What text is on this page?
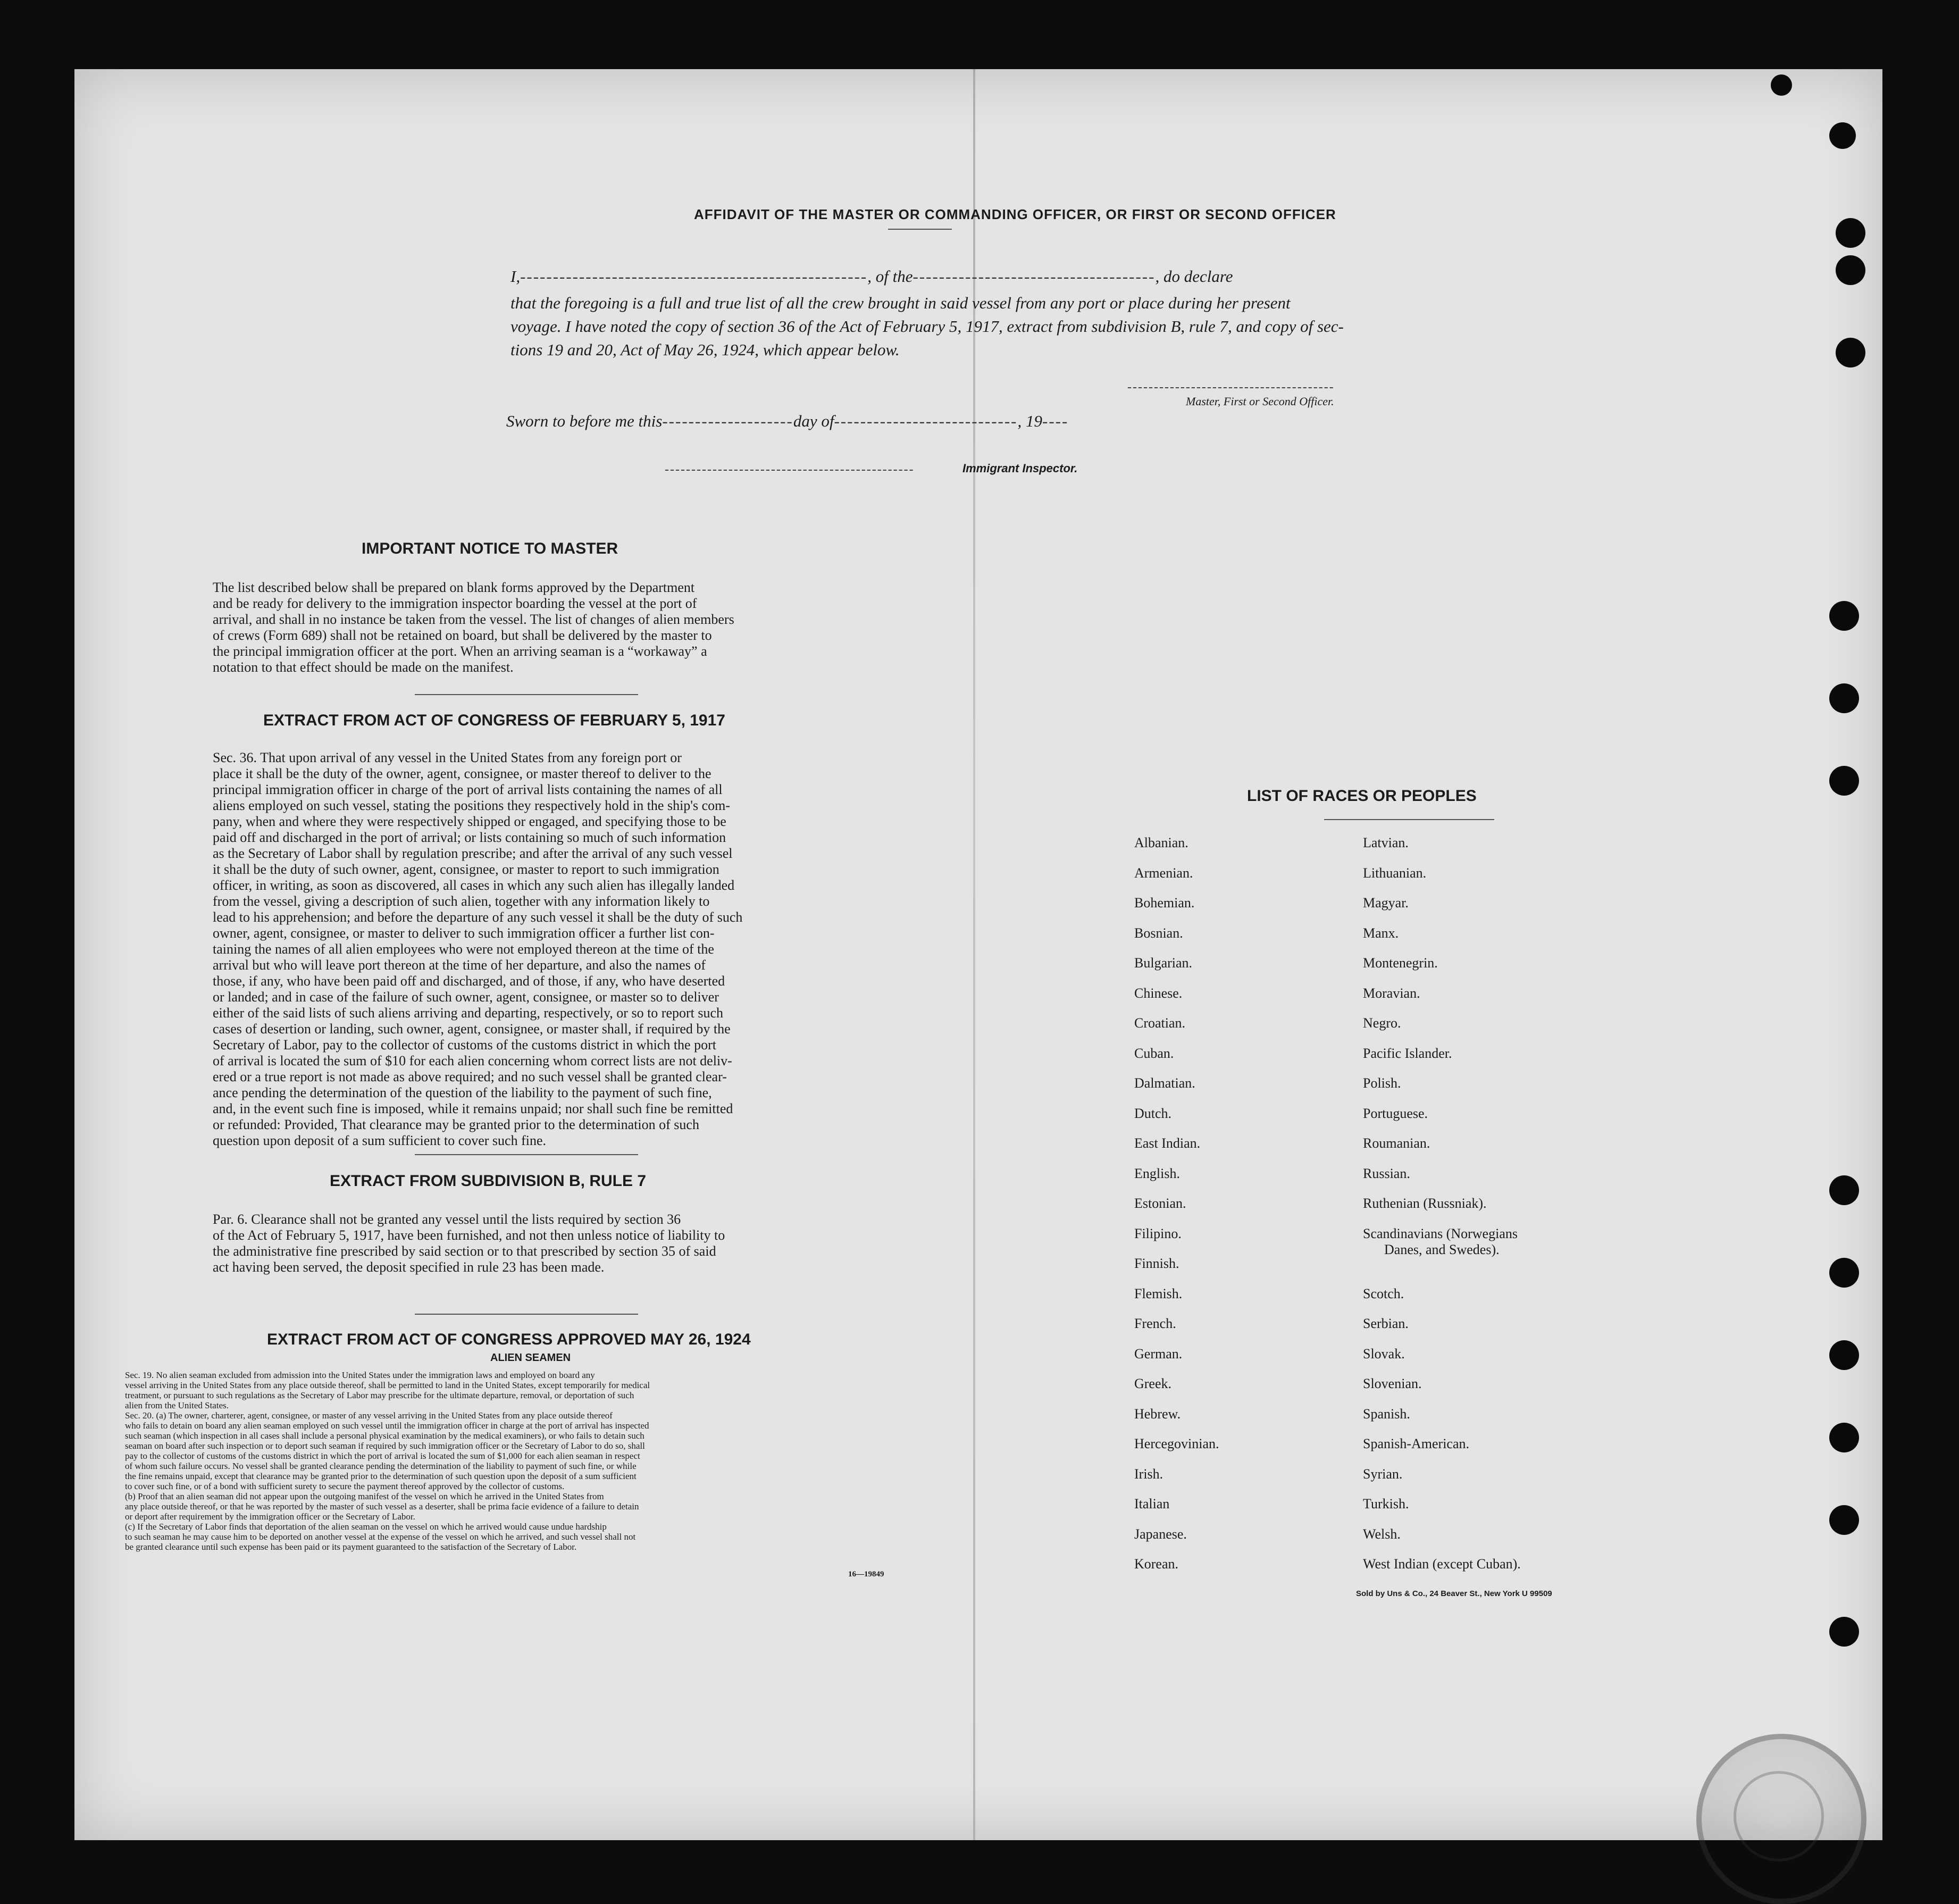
AFFIDAVIT OF THE MASTER OR COMMANDING OFFICER, OR FIRST OR SECOND OFFICER
I,-----------------------------------------------------, of the-------------------------------------, do declare
that the foregoing is a full and true list of all the crew brought in said vessel from any port or place during her present
voyage. I have noted the copy of section 36 of the Act of February 5, 1917, extract from subdivision B, rule 7, and copy of sec-
tions 19 and 20, Act of May 26, 1924, which appear below.
---------------------------------------
Master, First or Second Officer.
Sworn to before me this--------------------day of----------------------------, 19----
-----------------------------------------------	Immigrant Inspector.
IMPORTANT NOTICE TO MASTER
The list described below shall be prepared on blank forms approved by the Department
and be ready for delivery to the immigration inspector boarding the vessel at the port of
arrival, and shall in no instance be taken from the vessel. The list of changes of alien members
of crews (Form 689) shall not be retained on board, but shall be delivered by the master to
the principal immigration officer at the port. When an arriving seaman is a “workaway” a
notation to that effect should be made on the manifest.
EXTRACT FROM ACT OF CONGRESS OF FEBRUARY 5, 1917
Sec. 36. That upon arrival of any vessel in the United States from any foreign port or
place it shall be the duty of the owner, agent, consignee, or master thereof to deliver to the
principal immigration officer in charge of the port of arrival lists containing the names of all
aliens employed on such vessel, stating the positions they respectively hold in the ship's com-
pany, when and where they were respectively shipped or engaged, and specifying those to be
paid off and discharged in the port of arrival; or lists containing so much of such information
as the Secretary of Labor shall by regulation prescribe; and after the arrival of any such vessel
it shall be the duty of such owner, agent, consignee, or master to report to such immigration
officer, in writing, as soon as discovered, all cases in which any such alien has illegally landed
from the vessel, giving a description of such alien, together with any information likely to
lead to his apprehension; and before the departure of any such vessel it shall be the duty of such
owner, agent, consignee, or master to deliver to such immigration officer a further list con-
taining the names of all alien employees who were not employed thereon at the time of the
arrival but who will leave port thereon at the time of her departure, and also the names of
those, if any, who have been paid off and discharged, and of those, if any, who have deserted
or landed; and in case of the failure of such owner, agent, consignee, or master so to deliver
either of the said lists of such aliens arriving and departing, respectively, or so to report such
cases of desertion or landing, such owner, agent, consignee, or master shall, if required by the
Secretary of Labor, pay to the collector of customs of the customs district in which the port
of arrival is located the sum of $10 for each alien concerning whom correct lists are not deliv-
ered or a true report is not made as above required; and no such vessel shall be granted clear-
ance pending the determination of the question of the liability to the payment of such fine,
and, in the event such fine is imposed, while it remains unpaid; nor shall such fine be remitted
or refunded: Provided, That clearance may be granted prior to the determination of such
question upon deposit of a sum sufficient to cover such fine.
EXTRACT FROM SUBDIVISION B, RULE 7
Par. 6. Clearance shall not be granted any vessel until the lists required by section 36
of the Act of February 5, 1917, have been furnished, and not then unless notice of liability to
the administrative fine prescribed by said section or to that prescribed by section 35 of said
act having been served, the deposit specified in rule 23 has been made.
EXTRACT FROM ACT OF CONGRESS APPROVED MAY 26, 1924
ALIEN SEAMEN
Sec. 19. No alien seaman excluded from admission into the United States under the immigration laws and employed on board any
vessel arriving in the United States from any place outside thereof, shall be permitted to land in the United States, except temporarily for medical
treatment, or pursuant to such regulations as the Secretary of Labor may prescribe for the ultimate departure, removal, or deportation of such
alien from the United States.
Sec. 20. (a) The owner, charterer, agent, consignee, or master of any vessel arriving in the United States from any place outside thereof
who fails to detain on board any alien seaman employed on such vessel until the immigration officer in charge at the port of arrival has inspected
such seaman (which inspection in all cases shall include a personal physical examination by the medical examiners), or who fails to detain such
seaman on board after such inspection or to deport such seaman if required by such immigration officer or the Secretary of Labor to do so, shall
pay to the collector of customs of the customs district in which the port of arrival is located the sum of $1,000 for each alien seaman in respect
of whom such failure occurs. No vessel shall be granted clearance pending the determination of the liability to payment of such fine, or while
the fine remains unpaid, except that clearance may be granted prior to the determination of such question upon the deposit of a sum sufficient
to cover such fine, or of a bond with sufficient surety to secure the payment thereof approved by the collector of customs.
(b) Proof that an alien seaman did not appear upon the outgoing manifest of the vessel on which he arrived in the United States from
any place outside thereof, or that he was reported by the master of such vessel as a deserter, shall be prima facie evidence of a failure to detain
or deport after requirement by the immigration officer or the Secretary of Labor.
(c) If the Secretary of Labor finds that deportation of the alien seaman on the vessel on which he arrived would cause undue hardship
to such seaman he may cause him to be deported on another vessel at the expense of the vessel on which he arrived, and such vessel shall not
be granted clearance until such expense has been paid or its payment guaranteed to the satisfaction of the Secretary of Labor.
16—19849
LIST OF RACES OR PEOPLES
Albanian.
Armenian.
Bohemian.
Bosnian.
Bulgarian.
Chinese.
Croatian.
Cuban.
Dalmatian.
Dutch.
East Indian.
English.
Estonian.
Filipino.
Finnish.
Flemish.
French.
German.
Greek.
Hebrew.
Hercegovinian.
Irish.
Italian
Japanese.
Korean.
Latvian.
Lithuanian.
Magyar.
Manx.
Montenegrin.
Moravian.
Negro.
Pacific Islander.
Polish.
Portuguese.
Roumanian.
Russian.
Ruthenian (Russniak).
Scandinavians (Norwegians
Danes, and Swedes).
Scotch.
Serbian.
Slovak.
Slovenian.
Spanish.
Spanish-American.
Syrian.
Turkish.
Welsh.
West Indian (except Cuban).
Sold by Uns & Co., 24 Beaver St., New York U 99509
